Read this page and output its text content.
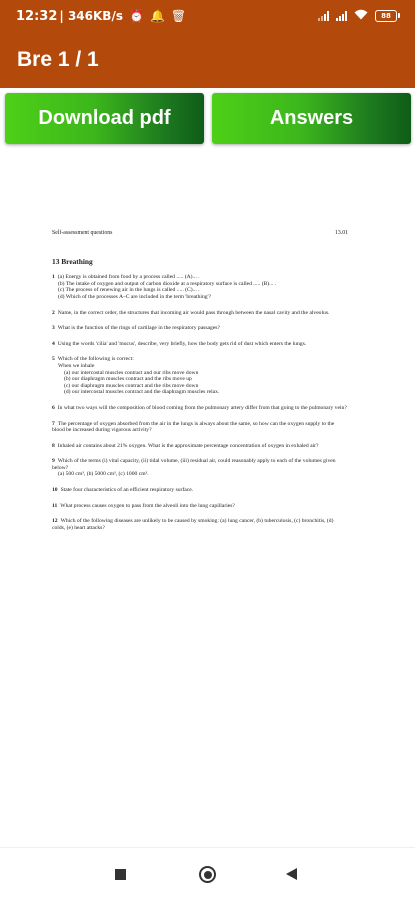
12:32 | 346KB/s ⏰ 🔔 🗑	88
Bre 1 / 1
Download pdf	Answers
Self-assessment questions	13.01
13 Breathing
1 (a) Energy is obtained from food by a process called ..... (A)... .
(b) The intake of oxygen and output of carbon dioxide at a respiratory surface is called ..... (B)... .
(c) The process of renewing air in the lungs is called ..... (C)... .
(d) Which of the processes A–C are included in the term 'breathing'?
2 Name, in the correct order, the structures that incoming air would pass through between the nasal cavity and the alveolus.
3 What is the function of the rings of cartilage in the respiratory passages?
4 Using the words 'cilia' and 'mucus', describe, very briefly, how the body gets rid of dust which enters the lungs.
5 Which of the following is correct:
When we inhale
(a) our intercostal muscles contract and our ribs move down
(b) our diaphragm muscles contract and the ribs move up
(c) our diaphragm muscles contract and the ribs move down
(d) our intercostal muscles contract and the diaphragm muscles relax.
6 In what two ways will the composition of blood coming from the pulmonary artery differ from that going to the pulmonary vein?
7 The percentage of oxygen absorbed from the air in the lungs is always about the same, so how can the oxygen supply to the blood be increased during vigorous activity?
8 Inhaled air contains about 21% oxygen. What is the approximate percentage concentration of oxygen in exhaled air?
9 Which of the terms (i) vital capacity, (ii) tidal volume, (iii) residual air, could reasonably apply to each of the volumes given below?
(a) 500 cm³, (b) 5000 cm³, (c) 1000 cm³.
10 State four characteristics of an efficient respiratory surface.
11 What process causes oxygen to pass from the alveoli into the lung capillaries?
12 Which of the following diseases are unlikely to be caused by smoking: (a) lung cancer, (b) tuberculosis, (c) bronchitis, (d) colds, (e) heart attacks?
